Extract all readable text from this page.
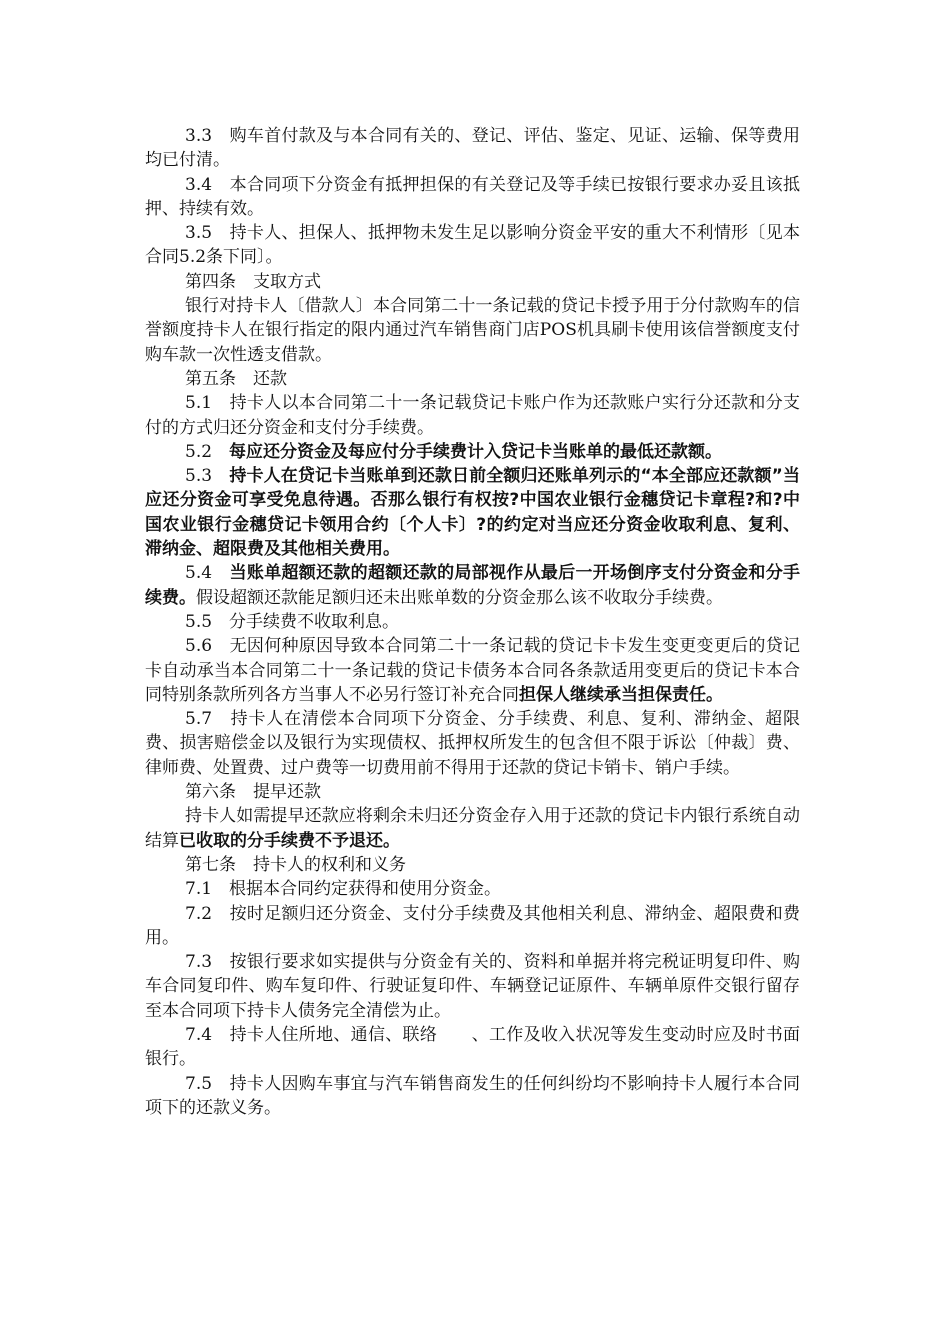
3.3　购车首付款及与本合同有关的、登记、评估、鉴定、见证、运输、保等费用均已付清。

3.4　本合同项下分资金有抵押担保的有关登记及等手续已按银行要求办妥且该抵押、持续有效。

3.5　持卡人、担保人、抵押物未发生足以影响分资金平安的重大不利情形〔见本合同5.2条下同〕。

第四条　支取方式

银行对持卡人〔借款人〕本合同第二十一条记载的贷记卡授予用于分付款购车的信誉额度持卡人在银行指定的限内通过汽车销售商门店POS机具刷卡使用该信誉额度支付购车款一次性透支借款。

第五条　还款

5.1　持卡人以本合同第二十一条记载贷记卡账户作为还款账户实行分还款和分支付的方式归还分资金和支付分手续费。

5.2　每应还分资金及每应付分手续费计入贷记卡当账单的最低还款额。

5.3　持卡人在贷记卡当账单到还款日前全额归还账单列示的“本全部应还款额”当应还分资金可享受免息待遇。否那么银行有权按?中国农业银行金穗贷记卡章程?和?中国农业银行金穗贷记卡领用合约〔个人卡〕?的约定对当应还分资金收取利息、复利、滞纳金、超限费及其他相关费用。

5.4　当账单超额还款的超额还款的局部视作从最后一开场倒序支付分资金和分手续费。假设超额还款能足额归还未出账单数的分资金那么该不收取分手续费。

5.5　分手续费不收取利息。

5.6　无因何种原因导致本合同第二十一条记载的贷记卡卡发生变更变更后的贷记卡自动承当本合同第二十一条记载的贷记卡债务本合同各条款适用变更后的贷记卡本合同特别条款所列各方当事人不必另行签订补充合同担保人继续承当担保责任。

5.7　持卡人在清偿本合同项下分资金、分手续费、利息、复利、滞纳金、超限费、损害赔偿金以及银行为实现债权、抵押权所发生的包含但不限于诉讼〔仲裁〕费、律师费、处置费、过户费等一切费用前不得用于还款的贷记卡销卡、销户手续。

第六条　提早还款

持卡人如需提早还款应将剩余未归还分资金存入用于还款的贷记卡内银行系统自动结算已收取的分手续费不予退还。

第七条　持卡人的权利和义务

7.1　根据本合同约定获得和使用分资金。

7.2　按时足额归还分资金、支付分手续费及其他相关利息、滞纳金、超限费和费用。

7.3　按银行要求如实提供与分资金有关的、资料和单据并将完税证明复印件、购车合同复印件、购车复印件、行驶证复印件、车辆登记证原件、车辆单原件交银行留存至本合同项下持卡人债务完全清偿为止。

7.4　持卡人住所地、通信、联络　　、工作及收入状况等发生变动时应及时书面银行。

7.5　持卡人因购车事宜与汽车销售商发生的任何纠纷均不影响持卡人履行本合同项下的还款义务。
